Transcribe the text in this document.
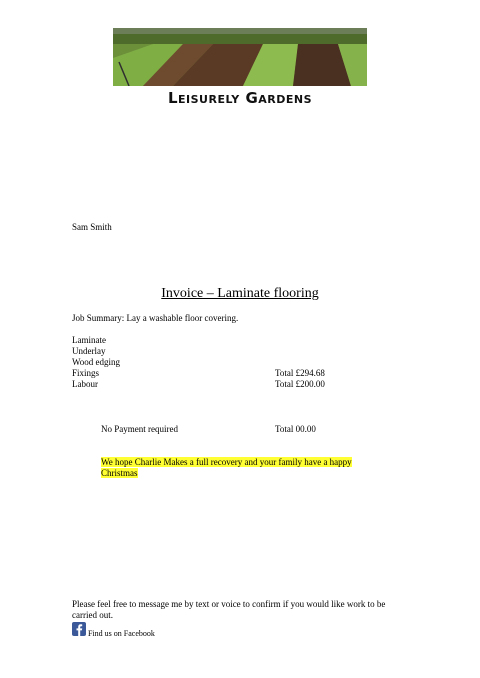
Leisurely Gardens
Sam Smith
Invoice – Laminate flooring
Job Summary: Lay a washable floor covering.
Laminate
Underlay
Wood edging
Fixings	Total £294.68
Labour	Total £200.00
No Payment required	Total 00.00
We hope Charlie Makes a full recovery and your family have a happy Christmas
Please feel free to message me by text or voice to confirm if you would like work to be carried out.
Find us on Facebook
